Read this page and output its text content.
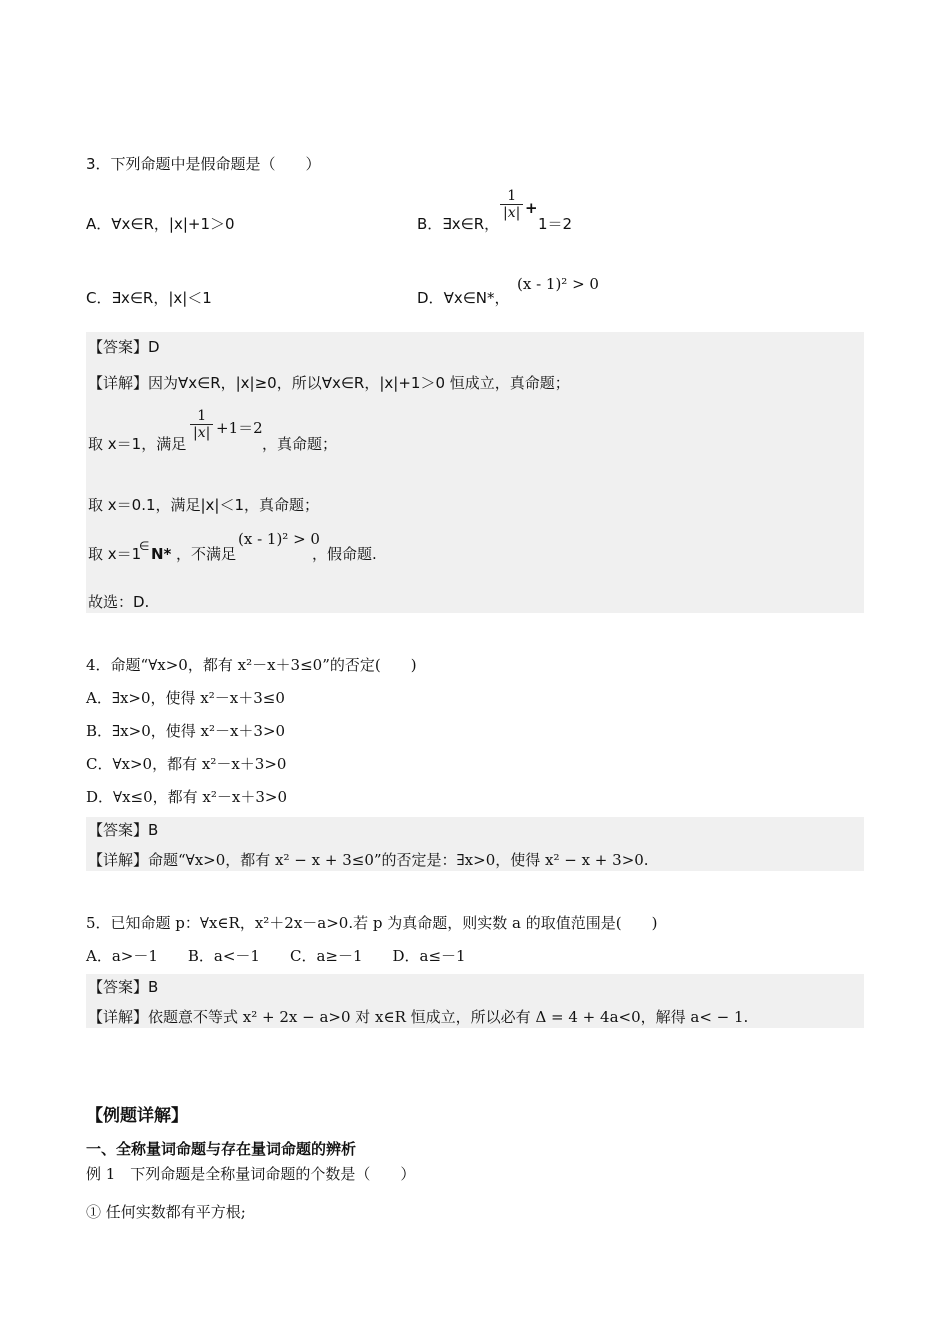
3．下列命题中是假命题是（　　）
A．∀x∈R，|x|+1＞0	B．∃x∈R，
1
|x| +
1＝2
C．∃x∈R，|x|＜1	D．∀x∈N*，
(x - 1)² > 0
【答案】D
【详解】因为∀x∈R，|x|≥0，所以∀x∈R，|x|+1＞0 恒成立，真命题；
取 x＝1，满足
1
|x| +1＝2
，真命题；
取 x＝0.1，满足|x|＜1，真命题；
取 x＝1
∈ N* ，不满足
(x - 1)² > 0
，假命题.
故选：D.
4．命题“∀x>0，都有 x²－x＋3≤0”的否定(　　)
A．∃x>0，使得 x²－x＋3≤0
B．∃x>0，使得 x²－x＋3>0
C．∀x>0，都有 x²－x＋3>0
D．∀x≤0，都有 x²－x＋3>0
【答案】B
【详解】命题“∀x>0，都有 x² − x + 3≤0”的否定是：∃x>0，使得 x² − x + 3>0.
5．已知命题 p：∀x∈R，x²＋2x－a>0.若 p 为真命题，则实数 a 的取值范围是(　　)
A．a>－1　　B．a<－1　　C．a≥－1　　D．a≤－1
【答案】B
【详解】依题意不等式 x² + 2x − a>0 对 x∈R 恒成立，所以必有 Δ = 4 + 4a<0，解得 a< − 1.
【例题详解】
一、全称量词命题与存在量词命题的辨析
例 1　下列命题是全称量词命题的个数是（　　）
① 任何实数都有平方根;
